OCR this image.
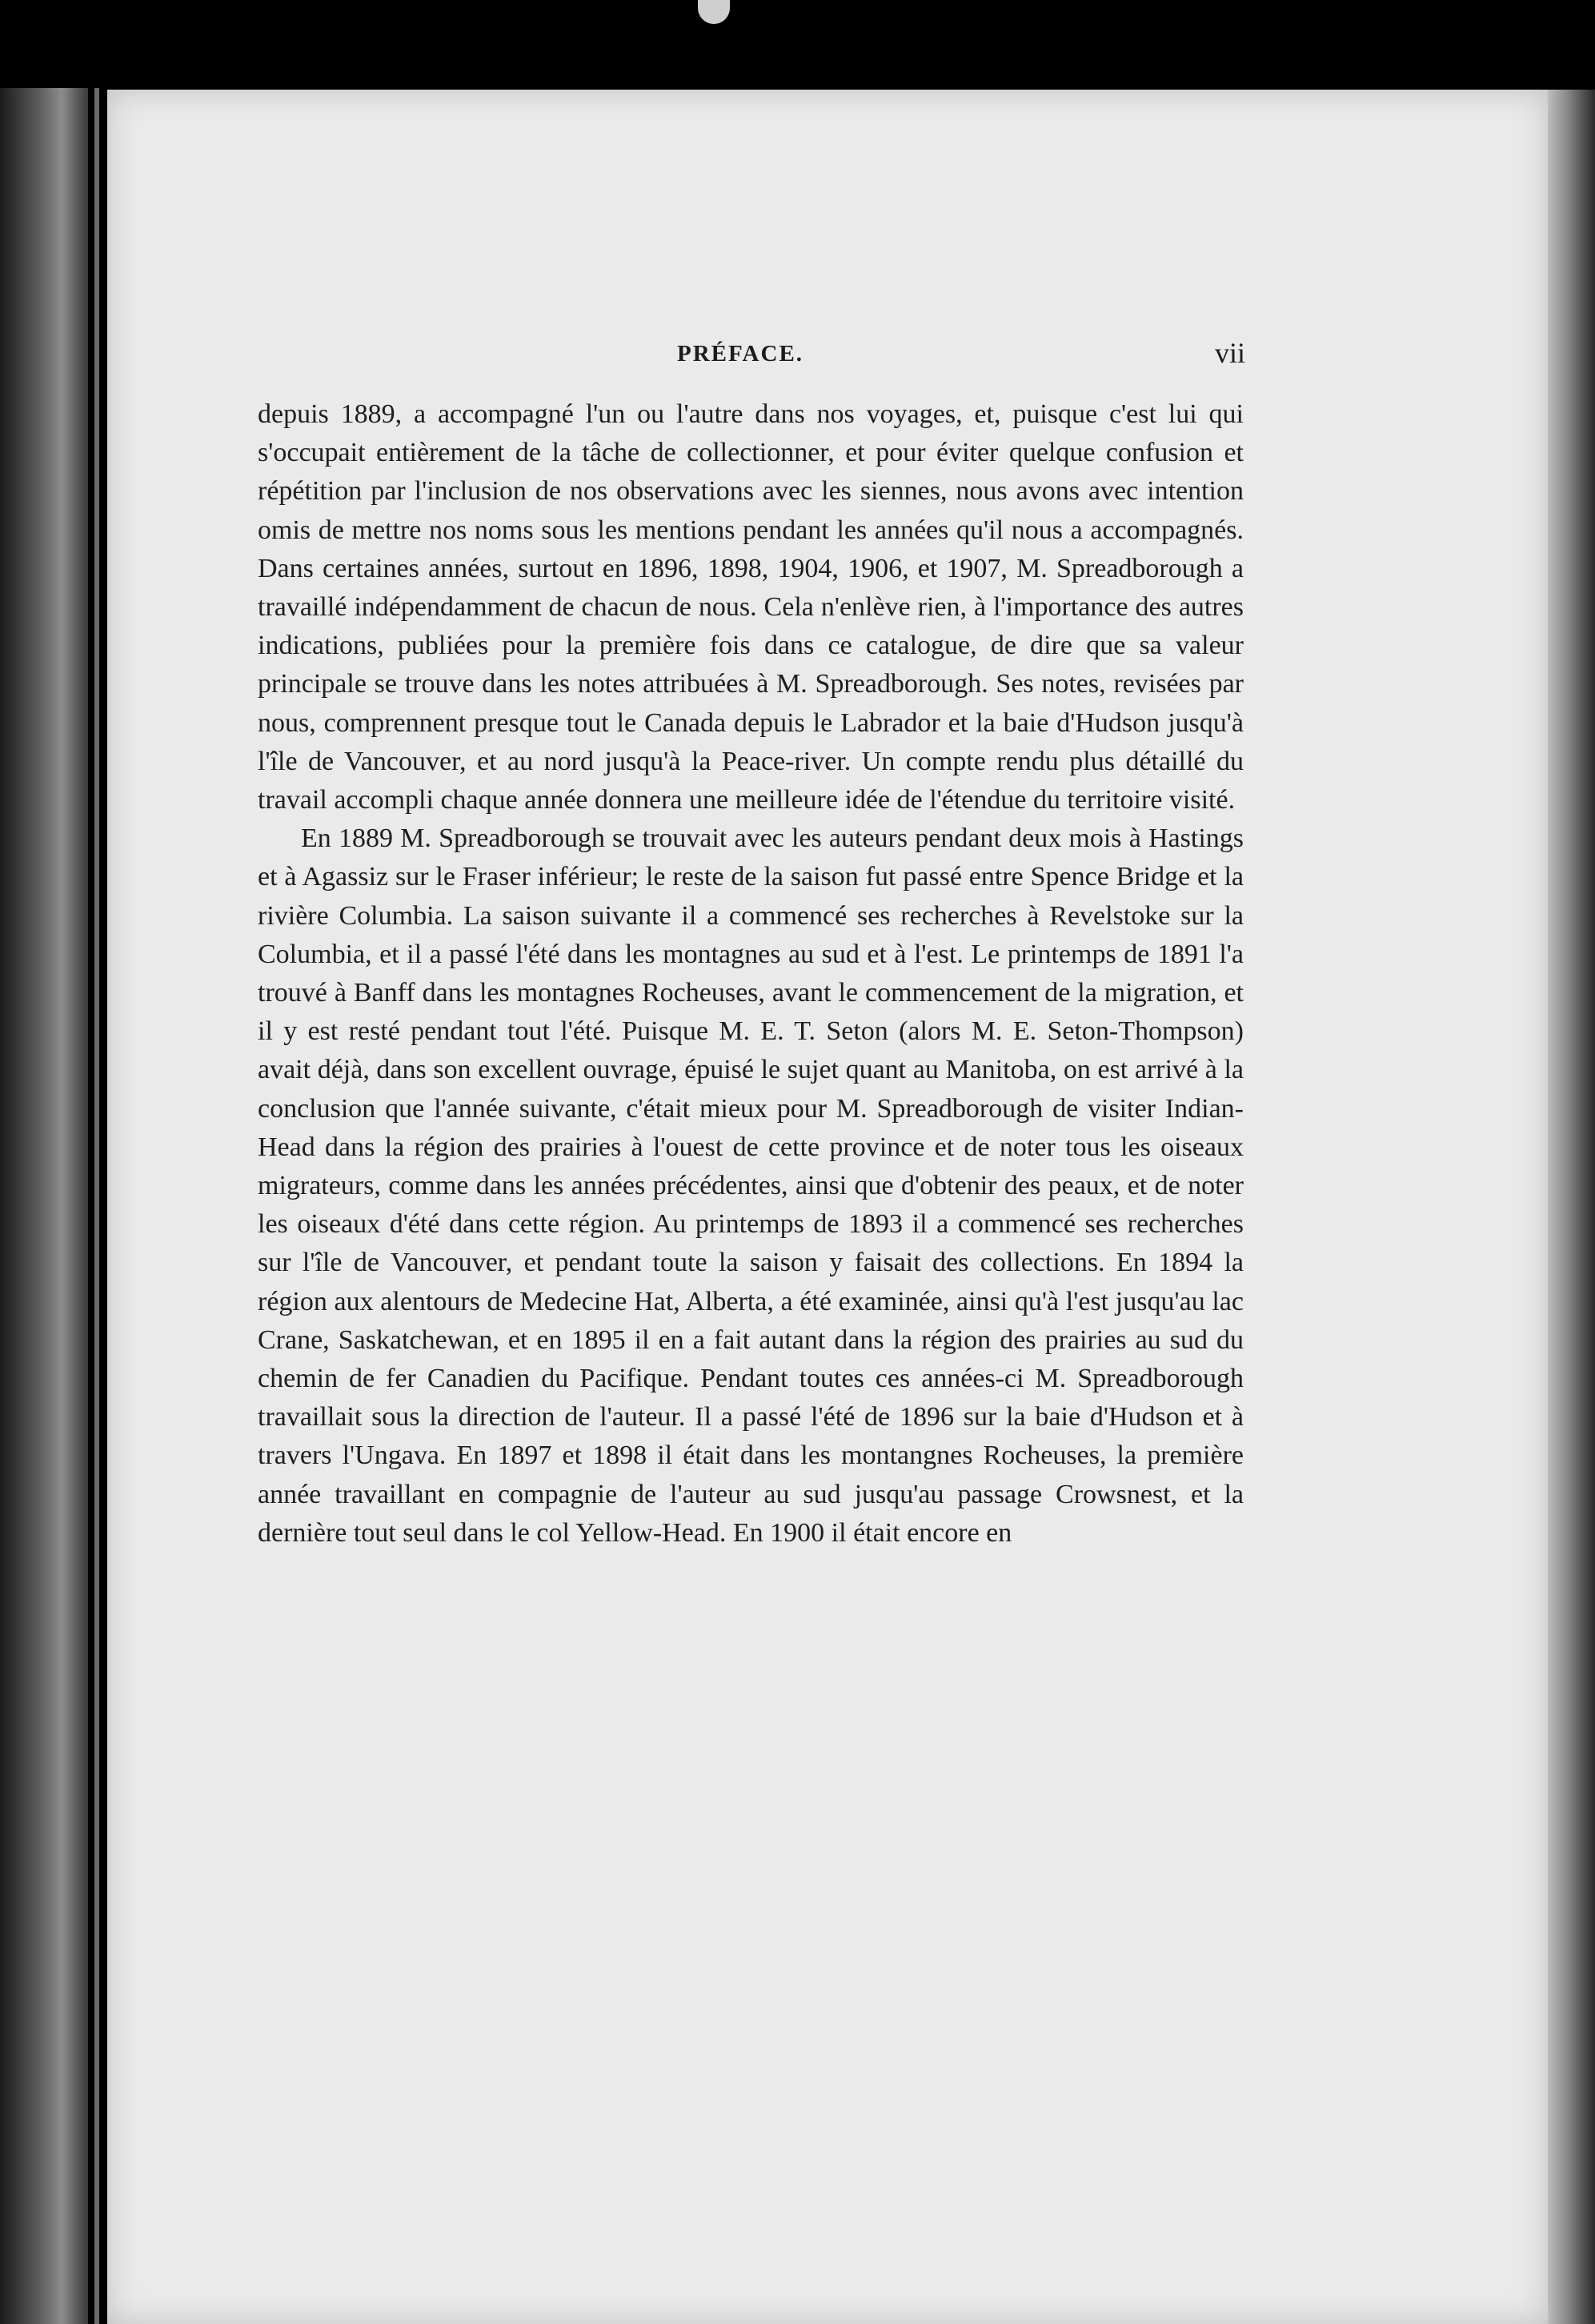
PRÉFACE.	vii

depuis 1889, a accompagné l'un ou l'autre dans nos voyages, et, puisque c'est lui qui s'occupait entièrement de la tâche de collectionner, et pour éviter quelque confusion et répétition par l'inclusion de nos observations avec les siennes, nous avons avec intention omis de mettre nos noms sous les mentions pendant les années qu'il nous a accompagnés. Dans certaines années, surtout en 1896, 1898, 1904, 1906, et 1907, M. Spreadborough a travaillé indépendamment de chacun de nous. Cela n'enlève rien, à l'importance des autres indications, publiées pour la première fois dans ce catalogue, de dire que sa valeur principale se trouve dans les notes attribuées à M. Spreadborough. Ses notes, revisées par nous, comprennent presque tout le Canada depuis le Labrador et la baie d'Hudson jusqu'à l'île de Vancouver, et au nord jusqu'à la Peace-river. Un compte rendu plus détaillé du travail accompli chaque année donnera une meilleure idée de l'étendue du territoire visité.

En 1889 M. Spreadborough se trouvait avec les auteurs pendant deux mois à Hastings et à Agassiz sur le Fraser inférieur; le reste de la saison fut passé entre Spence Bridge et la rivière Columbia. La saison suivante il a commencé ses recherches à Revelstoke sur la Columbia, et il a passé l'été dans les montagnes au sud et à l'est. Le printemps de 1891 l'a trouvé à Banff dans les montagnes Rocheuses, avant le commencement de la migration, et il y est resté pendant tout l'été. Puisque M. E. T. Seton (alors M. E. Seton-Thompson) avait déjà, dans son excellent ouvrage, épuisé le sujet quant au Manitoba, on est arrivé à la conclusion que l'année suivante, c'était mieux pour M. Spreadborough de visiter Indian-Head dans la région des prairies à l'ouest de cette province et de noter tous les oiseaux migrateurs, comme dans les années précédentes, ainsi que d'obtenir des peaux, et de noter les oiseaux d'été dans cette région. Au printemps de 1893 il a commencé ses recherches sur l'île de Vancouver, et pendant toute la saison y faisait des collections. En 1894 la région aux alentours de Medecine Hat, Alberta, a été examinée, ainsi qu'à l'est jusqu'au lac Crane, Saskatchewan, et en 1895 il en a fait autant dans la région des prairies au sud du chemin de fer Canadien du Pacifique. Pendant toutes ces années-ci M. Spreadborough travaillait sous la direction de l'auteur. Il a passé l'été de 1896 sur la baie d'Hudson et à travers l'Ungava. En 1897 et 1898 il était dans les montangnes Rocheuses, la première année travaillant en compagnie de l'auteur au sud jusqu'au passage Crowsnest, et la dernière tout seul dans le col Yellow-Head. En 1900 il était encore en
